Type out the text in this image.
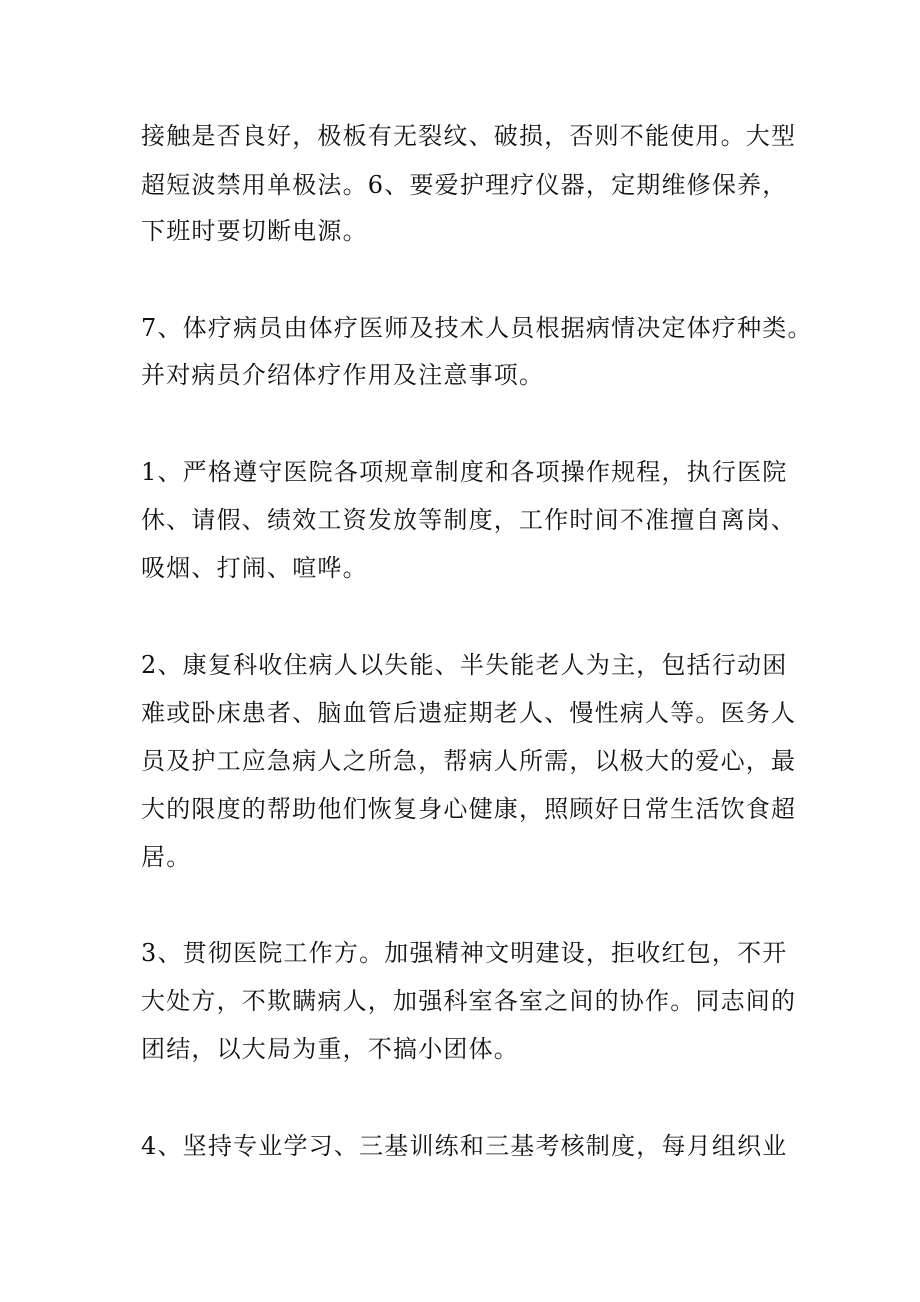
接触是否良好，极板有无裂纹、破损，否则不能使用。大型
超短波禁用单极法。6、要爱护理疗仪器，定期维修保养，
下班时要切断电源。
7、体疗病员由体疗医师及技术人员根据病情决定体疗种类。
并对病员介绍体疗作用及注意事项。
1、严格遵守医院各项规章制度和各项操作规程，执行医院
休、请假、绩效工资发放等制度，工作时间不准擅自离岗、
吸烟、打闹、喧哗。
2、康复科收住病人以失能、半失能老人为主，包括行动困
难或卧床患者、脑血管后遗症期老人、慢性病人等。医务人
员及护工应急病人之所急，帮病人所需，以极大的爱心，最
大的限度的帮助他们恢复身心健康，照顾好日常生活饮食超
居。
3、贯彻医院工作方。加强精神文明建设，拒收红包，不开
大处方，不欺瞒病人，加强科室各室之间的协作。同志间的
团结，以大局为重，不搞小团体。
4、坚持专业学习、三基训练和三基考核制度，每月组织业
